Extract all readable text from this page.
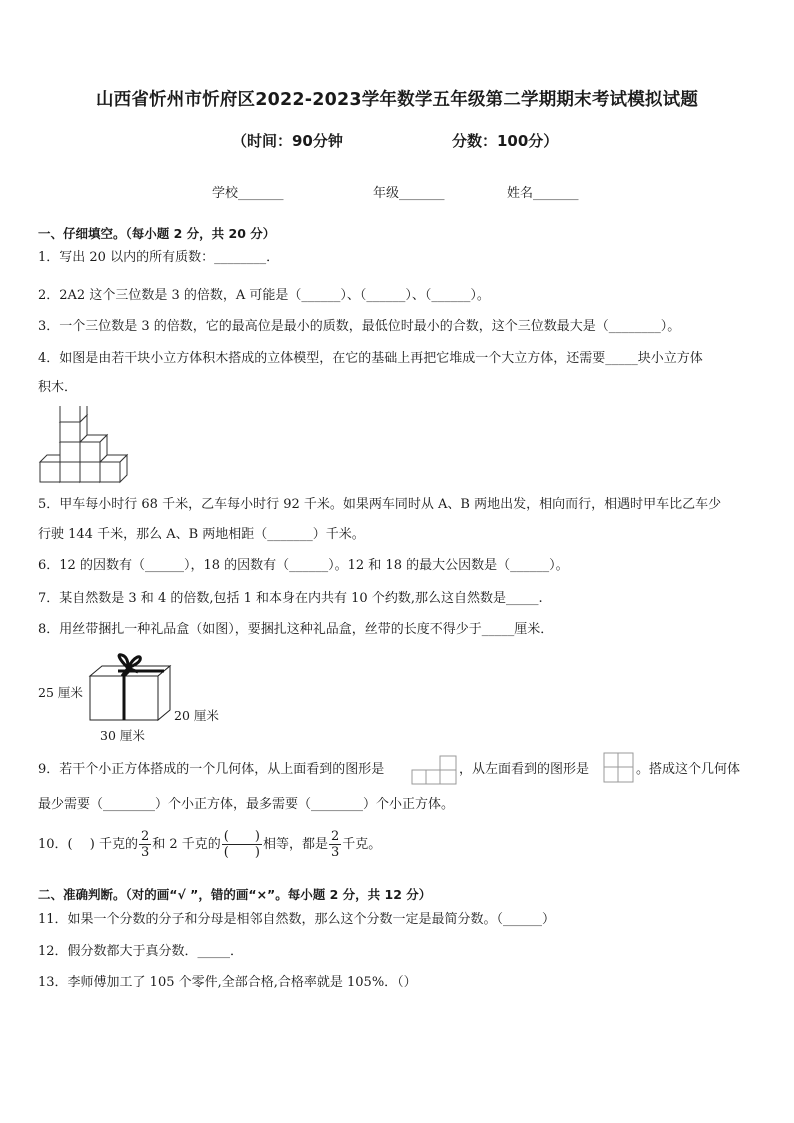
山西省忻州市忻府区2022-2023学年数学五年级第二学期期末考试模拟试题
（时间：90分钟	分数：100分）
学校_______	年级_______	姓名_______
一、仔细填空。（每小题 2 分，共 20 分）
1．写出 20 以内的所有质数：________．
2．2A2 这个三位数是 3 的倍数，A 可能是（______）、（______）、（______）。
3．一个三位数是 3 的倍数，它的最高位是最小的质数，最低位时最小的合数，这个三位数最大是（________）。
4．如图是由若干块小立方体积木搭成的立体模型，在它的基础上再把它堆成一个大立方体，还需要_____块小立方体
积木．
5．甲车每小时行 68 千米，乙车每小时行 92 千米。如果两车同时从 A、B 两地出发，相向而行，相遇时甲车比乙车少
行驶 144 千米，那么 A、B 两地相距（_______）千米。
6．12 的因数有（______），18 的因数有（______）。12 和 18 的最大公因数是（______）。
7．某自然数是 3 和 4 的倍数,包括 1 和本身在内共有 10 个约数,那么这自然数是_____.
8．用丝带捆扎一种礼品盒（如图），要捆扎这种礼品盒，丝带的长度不得少于_____厘米．
25 厘米
20 厘米
30 厘米
9．若干个小正方体搭成的一个几何体，从上面看到的图形是	，从左面看到的图形是	。搭成这个几何体
最少需要（________）个小正方体，最多需要（________）个小正方体。
10．(　 ) 千克的 $\frac{2}{3}$ 和 2 千克的 $\frac{( )}{( )}$ 相等，都是 $\frac{2}{3}$ 千克。
二、准确判断。（对的画“√ ”，错的画“×”。每小题 2 分，共 12 分）
11．如果一个分数的分子和分母是相邻自然数，那么这个分数一定是最简分数。（______）
12．假分数都大于真分数．_____．
13．李师傅加工了 105 个零件,全部合格,合格率就是 105%．（）
